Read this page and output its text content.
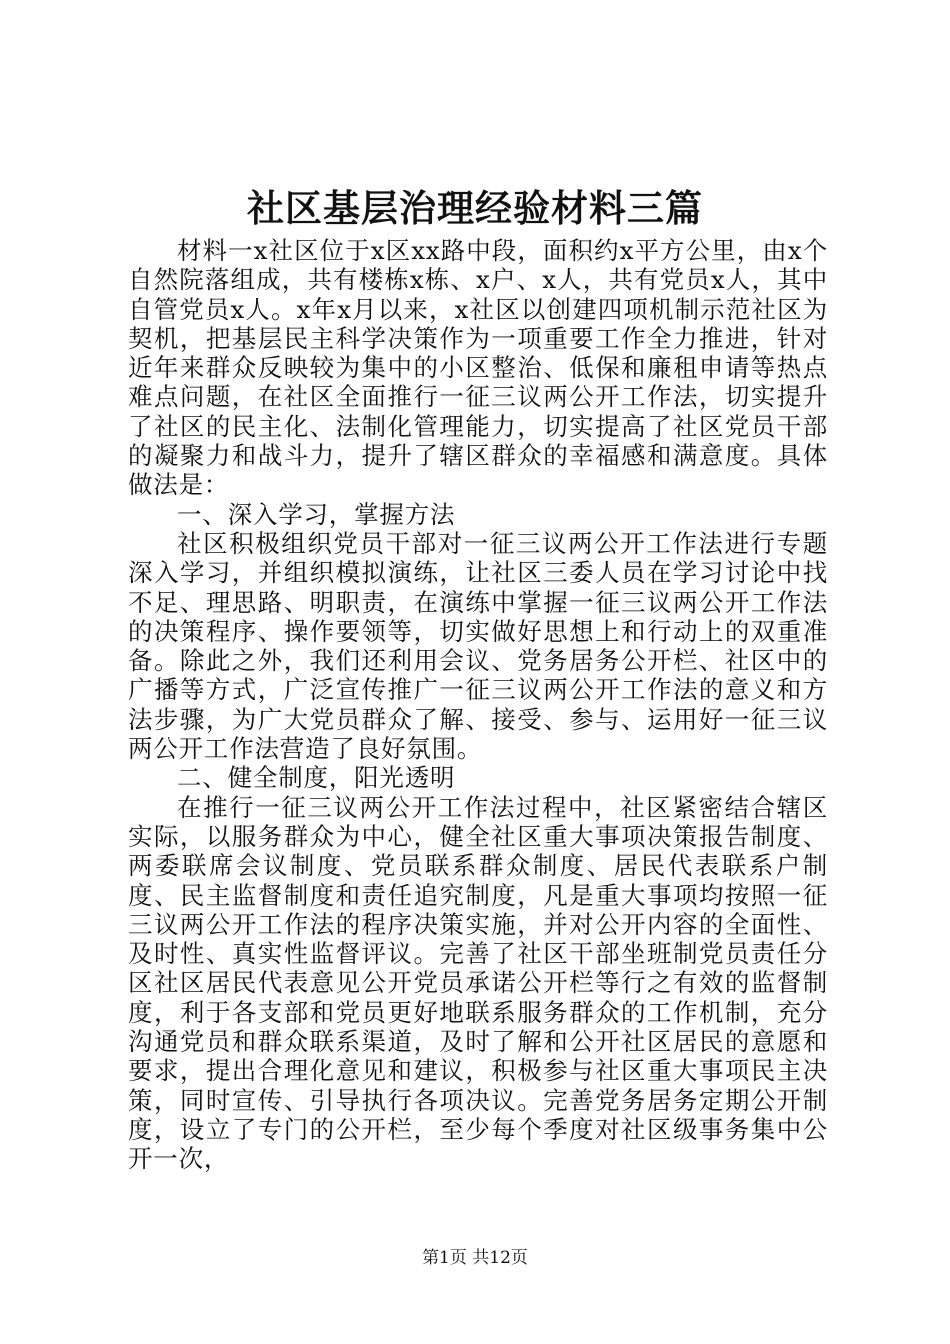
社区基层治理经验材料三篇

材料一x社区位于x区xx路中段，面积约x平方公里，由x个自然院落组成，共有楼栋x栋、x户、x人，共有党员x人，其中自管党员x人。x年x月以来，x社区以创建四项机制示范社区为契机，把基层民主科学决策作为一项重要工作全力推进，针对近年来群众反映较为集中的小区整治、低保和廉租申请等热点难点问题，在社区全面推行一征三议两公开工作法，切实提升了社区的民主化、法制化管理能力，切实提高了社区党员干部的凝聚力和战斗力，提升了辖区群众的幸福感和满意度。具体做法是：

一、深入学习，掌握方法

社区积极组织党员干部对一征三议两公开工作法进行专题深入学习，并组织模拟演练，让社区三委人员在学习讨论中找不足、理思路、明职责，在演练中掌握一征三议两公开工作法的决策程序、操作要领等，切实做好思想上和行动上的双重准备。除此之外，我们还利用会议、党务居务公开栏、社区中的广播等方式，广泛宣传推广一征三议两公开工作法的意义和方法步骤，为广大党员群众了解、接受、参与、运用好一征三议两公开工作法营造了良好氛围。

二、健全制度，阳光透明

在推行一征三议两公开工作法过程中，社区紧密结合辖区实际，以服务群众为中心，健全社区重大事项决策报告制度、两委联席会议制度、党员联系群众制度、居民代表联系户制度、民主监督制度和责任追究制度，凡是重大事项均按照一征三议两公开工作法的程序决策实施，并对公开内容的全面性、及时性、真实性监督评议。完善了社区干部坐班制党员责任分区社区居民代表意见公开党员承诺公开栏等行之有效的监督制度，利于各支部和党员更好地联系服务群众的工作机制，充分沟通党员和群众联系渠道，及时了解和公开社区居民的意愿和要求，提出合理化意见和建议，积极参与社区重大事项民主决策，同时宣传、引导执行各项决议。完善党务居务定期公开制度，设立了专门的公开栏，至少每个季度对社区级事务集中公开一次，

第1页 共12页
